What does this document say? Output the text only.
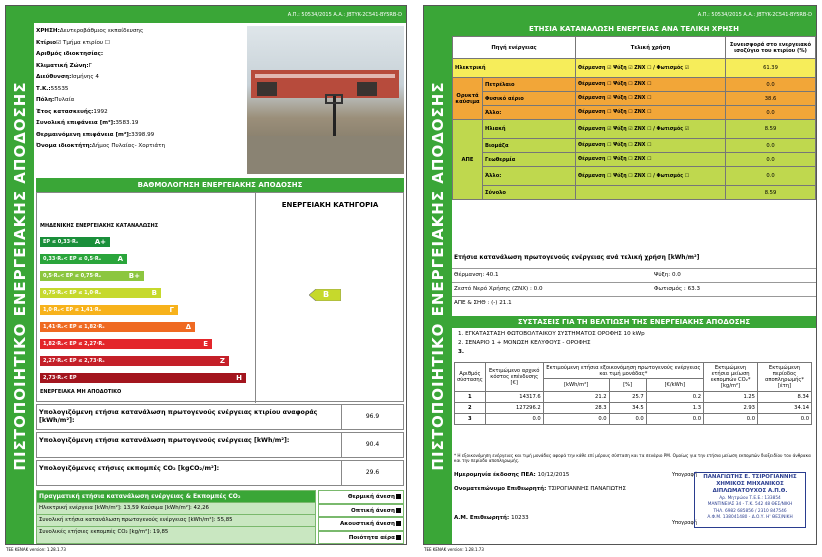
ΠΙΣΤΟΠΟΙΗΤΙΚΟ ΕΝΕΡΓΕΙΑΚΗΣ ΑΠΟΔΟΣΗΣ
Α.Π.: 50534/2015 Α.Α.: JBTYK-2C541-BY5RB-D
ΧΡΗΣΗ:Δευτεροβάθμιος εκπαίδευσης
Κτίριο☑ Τμήμα κτιρίου ☐
Αριθμός ιδιοκτησίας:
Κλιματική Ζώνη:Γ
Διεύθυνση:Ισμήνης 4
Τ.Κ.:55535
Πόλη:Πυλαία
Έτος κατασκευής:1992
Συνολική επιφάνεια [m²]:3583.19
Θερμαινόμενη επιφάνεια [m²]:3398.99
Όνομα ιδιοκτήτη:Δήμος Πυλαίας- Χορτιάτη
ΒΑΘΜΟΛΟΓΗΣΗ ΕΝΕΡΓΕΙΑΚΗΣ ΑΠΟΔΟΣΗΣ
ΕΝΕΡΓΕΙΑΚΗ ΚΑΤΗΓΟΡΙΑ
ΜΗΔΕΝΙΚΗΣ ΕΝΕΡΓΕΙΑΚΗΣ ΚΑΤΑΝΑΛΩΣΗΣ
EP ≤ 0,33·Rₑ A+
0,33·Rₑ< EP ≤ 0,5·Rₑ A
0,5·Rₑ< EP ≤ 0,75·Rₑ	B+
0,75·Rₑ< EP ≤ 1,0·Rₑ	B
1,0·Rₑ< EP ≤ 1,41·Rₑ	Γ
1,41·Rₑ< EP ≤ 1,82·Rₑ	Δ
1,82·Rₑ< EP ≤ 2,27·Rₑ	Ε
2,27·Rₑ< EP ≤ 2,73·Rₑ	Ζ
2,73·Rₑ< EP	Η
B
ΕΝΕΡΓΕΙΑΚΑ ΜΗ ΑΠΟΔΟΤΙΚΟ
Υπολογιζόμενη ετήσια κατανάλωση πρωτογενούς ενέργειας κτιρίου αναφοράς [kWh/m²]:
96.9
Υπολογιζόμενη ετήσια κατανάλωση πρωτογενούς ενέργειας [kWh/m²]:
90.4
Υπολογιζόμενες ετήσιες εκπομπές CO₂ [kgCO₂/m²]:
29.6
Πραγματική ετήσια κατανάλωση ενέργειας & Εκπομπές CO₂
Ηλεκτρική ενέργεια [kWh/m²]: 13,59 Καύσιμα [kWh/m²]: 42,26
Συνολική ετήσια κατανάλωση πρωτογενούς ενέργειας [kWh/m²]: 55,85
Συνολικές ετήσιες εκπομπές CO₂ [kg/m²]: 19,85
Θερμική άνεση
Οπτική άνεση
Ακουστική άνεση
Ποιότητα αέρα
TEE KENAK version: 1.28.1.73
ΠΙΣΤΟΠΟΙΗΤΙΚΟ ΕΝΕΡΓΕΙΑΚΗΣ ΑΠΟΔΟΣΗΣ
Α.Π.: 50534/2015 Α.Α.: JBTYK-2C541-BY5RB-D
ΕΤΗΣΙΑ ΚΑΤΑΝΑΛΩΣΗ ΕΝΕΡΓΕΙΑΣ ΑΝΑ ΤΕΛΙΚΗ ΧΡΗΣΗ
Πηγή ενέργειας		Τελική χρήση	Συνεισφορά στο ενεργειακό ισοζύγιο του κτιρίου (%)
Ηλεκτρική		Θέρμανση ☑ Ψύξη ☑ ZNX ☐ / Φωτισμός ☑	61.39
Ορυκτά καύσιμα	Πετρέλαιο	Θέρμανση ☐ Ψύξη ☐ ZNX ☐	0.0
	Φυσικό αέριο	Θέρμανση ☑ Ψύξη ☐ ZNX ☐	38.6
	Άλλο:	Θέρμανση ☐ Ψύξη ☐ ZNX ☐	0.0
ΑΠΕ	Ηλιακή	Θέρμανση ☑ Ψύξη ☑ ZNX ☐ / Φωτισμός ☑	8.59
	Βιομάζα	Θέρμανση ☐ Ψύξη ☐ ZNX ☐	0.0
	Γεωθερμία	Θέρμανση ☐ Ψύξη ☐ ZNX ☐	0.0
	Άλλο:	Θέρμανση ☐ Ψύξη ☐ ZNX ☐ / Φωτισμός ☐	0.0
	Σύνολο		8.59
Ετήσια κατανάλωση πρωτογενούς ενέργειας ανά τελική χρήση [kWh/m²]
Θέρμανση: 40.1	Ψύξη: 0.0
Ζεστό Νερό Χρήσης (ZNX) : 0.0	Φωτισμός : 63.3
ΑΠΕ & ΣΗΘ : (-) 21.1
ΣΥΣΤΑΣΕΙΣ ΓΙΑ ΤΗ ΒΕΛΤΙΩΣΗ ΤΗΣ ΕΝΕΡΓΕΙΑΚΗΣ ΑΠΟΔΟΣΗΣ
1. ΕΓΚΑΤΑΣΤΑΣΗ ΦΩΤΟΒΟΛΤΑΙΚΟΥ ΣΥΣΤΗΜΑΤΟΣ ΟΡΟΦΗΣ 10 kWp
2. ΣΕΝΑΡΙΟ 1 + ΜΟΝΩΣΗ ΚΕΛΥΦΟΥΣ - ΟΡΟΦΗΣ
3.
Αριθμός σύστασης	Εκτιμώμενο αρχικό κόστος επένδυσης [€]	Εκτιμούμενη ετήσια εξοικονόμηση πρωτογενούς ενέργειας και τιμή μονάδας*			Εκτιμώμενη ετήσια μείωση εκπομπών CO₂* [kg/m²]	Εκτιμώμενη περίοδος αποπληρωμής* [έτη]
		[kWh/m²]	[%]	[€/kWh]		
1	14317.6	21.2	25.7	0.2	1.25	8.34
2	127296.2	28.3	34.5	1.3	2.93	34.14
3	0.0	0.0	0.0	0.0	0.0	0.0
* Η εξοικονόμηση ενέργειας και τιμή μονάδας αφορά την κάθε επί μέρους σύσταση και τα σενάριο ΡΜ. Ομοίως για την ετήσια μείωση εκπομπών διοξειδίου του άνθρακα και την περίοδο αποπληρωμής.
Ημερομηνία έκδοσης ΠΕΑ: 10/12/2015
Ονοματεπώνυμο Επιθεωρητή: ΤΣΙΡΟΓΙΑΝΝΗΣ ΠΑΝΑΓΙΩΤΗΣ
Α.Μ. Επιθεωρητή: 10233
Υπογραφή
Υπογραφή
ΠΑΝΑΓΙΩΤΗΣ Ε. ΤΣΙΡΟΓΙΑΝΝΗΣ
ΧΗΜΙΚΟΣ ΜΗΧΑΝΙΚΟΣ
ΔΙΠΛΩΜΑΤΟΥΧΟΣ Α.Π.Θ.
Αρ. Μητρώου Τ.Ε.Ε.: 133854
ΜΑΝΤΙΝΕΙΑΣ 34 - Τ.Κ. 542 48 ΘΕΣ/ΝΙΚΗ
ΤΗΛ. 6982 685856 / 2310 847546
Α.Φ.Μ. 138041480 - Δ.Ο.Υ. Η' ΘΕΣ/ΝΙΚΗ
TEE KENAK version: 1.28.1.73
